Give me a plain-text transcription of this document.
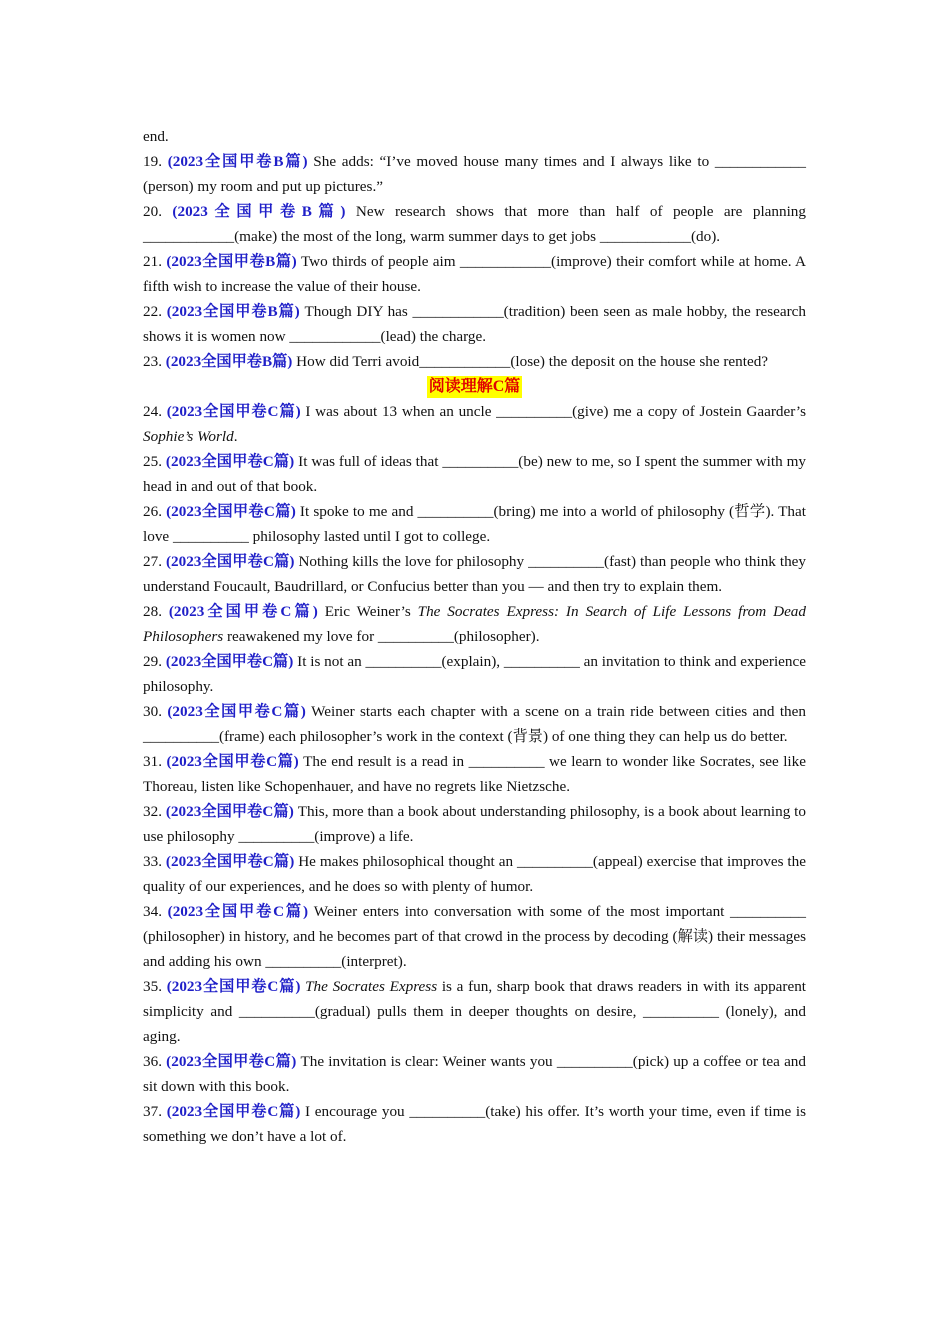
end.

19. (2023全国甲卷B篇) She adds: “I’ve moved house many times and I always like to ____________ (person) my room and put up pictures.”

20. (2023全国甲卷B篇) New research shows that more than half of people are planning ____________(make) the most of the long, warm summer days to get jobs ____________(do).

21. (2023全国甲卷B篇) Two thirds of people aim ____________(improve) their comfort while at home. A fifth wish to increase the value of their house.

22. (2023全国甲卷B篇) Though DIY has ____________(tradition) been seen as male hobby, the research shows it is women now ____________(lead) the charge.

23. (2023全国甲卷B篇) How did Terri avoid____________(lose) the deposit on the house she rented?

阅读理解C篇

24. (2023全国甲卷C篇) I was about 13 when an uncle __________(give) me a copy of Jostein Gaarder’s Sophie’s World.

25. (2023全国甲卷C篇) It was full of ideas that __________(be) new to me, so I spent the summer with my head in and out of that book.

26. (2023全国甲卷C篇) It spoke to me and __________(bring) me into a world of philosophy (哲学). That love __________ philosophy lasted until I got to college.

27. (2023全国甲卷C篇) Nothing kills the love for philosophy __________(fast) than people who think they understand Foucault, Baudrillard, or Confucius better than you — and then try to explain them.

28. (2023全国甲卷C篇) Eric Weiner’s The Socrates Express: In Search of Life Lessons from Dead Philosophers reawakened my love for __________(philosopher).

29. (2023全国甲卷C篇) It is not an __________(explain), __________ an invitation to think and experience philosophy.

30. (2023全国甲卷C篇) Weiner starts each chapter with a scene on a train ride between cities and then __________(frame) each philosopher’s work in the context (背景) of one thing they can help us do better.

31. (2023全国甲卷C篇) The end result is a read in __________ we learn to wonder like Socrates, see like Thoreau, listen like Schopenhauer, and have no regrets like Nietzsche.

32. (2023全国甲卷C篇) This, more than a book about understanding philosophy, is a book about learning to use philosophy __________(improve) a life.

33. (2023全国甲卷C篇) He makes philosophical thought an __________(appeal) exercise that improves the quality of our experiences, and he does so with plenty of humor.

34. (2023全国甲卷C篇) Weiner enters into conversation with some of the most important __________ (philosopher) in history, and he becomes part of that crowd in the process by decoding (解读) their messages and adding his own __________(interpret).

35. (2023全国甲卷C篇) The Socrates Express is a fun, sharp book that draws readers in with its apparent simplicity and __________(gradual) pulls them in deeper thoughts on desire, __________ (lonely), and aging.

36. (2023全国甲卷C篇) The invitation is clear: Weiner wants you __________(pick) up a coffee or tea and sit down with this book.

37. (2023全国甲卷C篇) I encourage you __________(take) his offer. It’s worth your time, even if time is something we don’t have a lot of.
